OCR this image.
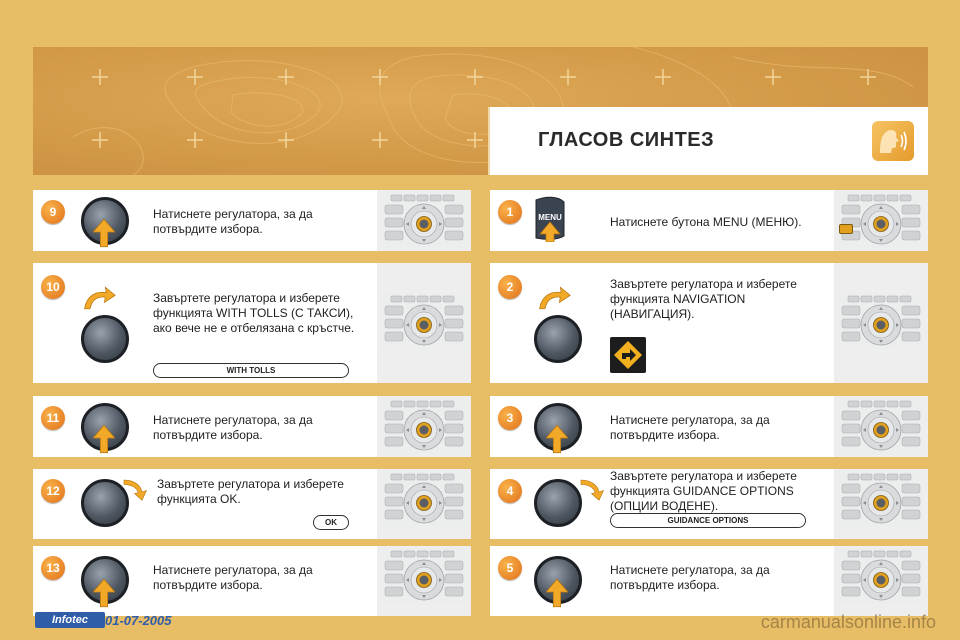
ГЛАСОВ СИНТЕЗ
9	Натиснете регулатора, за да потвърдите избора.
10
Завъртете регулатора и изберете функцията WITH TOLLS (С ТАКСИ), ако вече не е отбелязана с кръстче.
WITH TOLLS
11	Натиснете регулатора, за да потвърдите избора.
12	Завъртете регулатора и изберете функцията OK.
OK
13	Натиснете регулатора, за да потвърдите избора.
1	MENU	Натиснете бутона MENU (МЕНЮ).
2	Завъртете регулатора и изберете функцията NAVIGATION (НАВИГАЦИЯ).
3	Натиснете регулатора, за да потвърдите избора.
4
Завъртете регулатора и изберете функцията GUIDANCE OPTIONS (ОПЦИИ ВОДЕНЕ).
GUIDANCE OPTIONS
5	Натиснете регулатора, за да потвърдите избора.
Infotec	01-07-2005	carmanualsonline.info
